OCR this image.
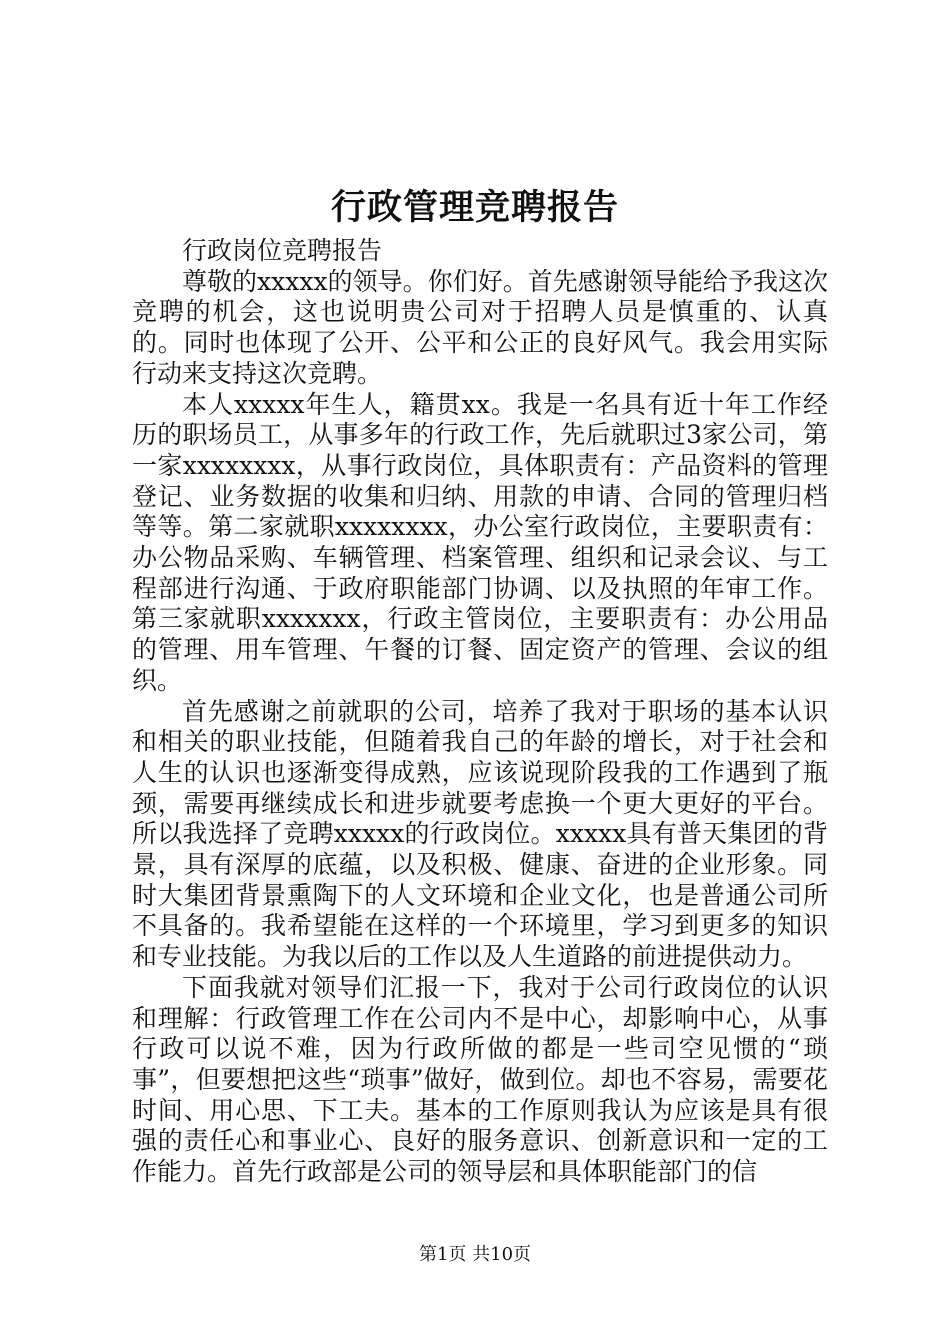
行政管理竞聘报告

行政岗位竞聘报告

尊敬的xxxxx的领导。你们好。首先感谢领导能给予我这次竞聘的机会，这也说明贵公司对于招聘人员是慎重的、认真的。同时也体现了公开、公平和公正的良好风气。我会用实际行动来支持这次竞聘。

本人xxxxx年生人，籍贯xx。我是一名具有近十年工作经历的职场员工，从事多年的行政工作，先后就职过3家公司，第一家xxxxxxxx，从事行政岗位，具体职责有：产品资料的管理登记、业务数据的收集和归纳、用款的申请、合同的管理归档等等。第二家就职xxxxxxxx，办公室行政岗位，主要职责有：办公物品采购、车辆管理、档案管理、组织和记录会议、与工程部进行沟通、于政府职能部门协调、以及执照的年审工作。第三家就职xxxxxxx，行政主管岗位，主要职责有：办公用品的管理、用车管理、午餐的订餐、固定资产的管理、会议的组织。

首先感谢之前就职的公司，培养了我对于职场的基本认识和相关的职业技能，但随着我自己的年龄的增长，对于社会和人生的认识也逐渐变得成熟，应该说现阶段我的工作遇到了瓶颈，需要再继续成长和进步就要考虑换一个更大更好的平台。所以我选择了竞聘xxxxx的行政岗位。xxxxx具有普天集团的背景，具有深厚的底蕴，以及积极、健康、奋进的企业形象。同时大集团背景熏陶下的人文环境和企业文化，也是普通公司所不具备的。我希望能在这样的一个环境里，学习到更多的知识和专业技能。为我以后的工作以及人生道路的前进提供动力。

下面我就对领导们汇报一下，我对于公司行政岗位的认识和理解：行政管理工作在公司内不是中心，却影响中心，从事行政可以说不难，因为行政所做的都是一些司空见惯的“琐事”，但要想把这些“琐事”做好，做到位。却也不容易，需要花时间、用心思、下工夫。基本的工作原则我认为应该是具有很强的责任心和事业心、良好的服务意识、创新意识和一定的工作能力。首先行政部是公司的领导层和具体职能部门的信

第1页 共10页
